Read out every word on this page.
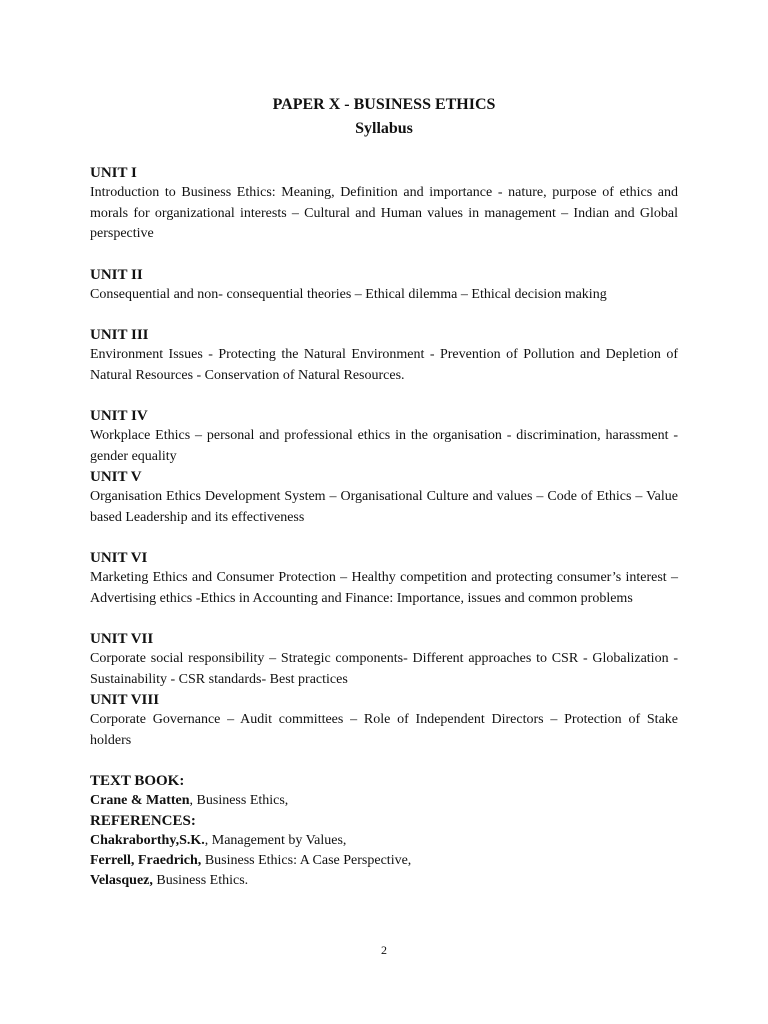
PAPER X - BUSINESS ETHICS
Syllabus

UNIT I

Introduction to Business Ethics: Meaning, Definition and importance - nature, purpose of ethics and morals for organizational interests – Cultural and Human values in management – Indian and Global perspective

UNIT II

Consequential and non- consequential theories – Ethical dilemma – Ethical decision making

UNIT III

Environment Issues - Protecting the Natural Environment - Prevention of Pollution and Depletion of Natural Resources - Conservation of Natural Resources.

UNIT IV

Workplace Ethics – personal and professional ethics in the organisation - discrimination, harassment - gender equality

UNIT V

Organisation Ethics Development System – Organisational Culture and values – Code of Ethics – Value based Leadership and its effectiveness

UNIT VI

Marketing Ethics and Consumer Protection – Healthy competition and protecting consumer’s interest – Advertising ethics -Ethics in Accounting and Finance: Importance, issues and common problems

UNIT VII

Corporate social responsibility – Strategic components- Different approaches to CSR - Globalization - Sustainability - CSR standards- Best practices

UNIT VIII

Corporate Governance – Audit committees – Role of Independent Directors – Protection of Stake holders

TEXT BOOK:
Crane & Matten, Business Ethics,
REFERENCES:
Chakraborthy,S.K., Management by Values,
Ferrell, Fraedrich, Business Ethics: A Case Perspective,
Velasquez, Business Ethics.
2
